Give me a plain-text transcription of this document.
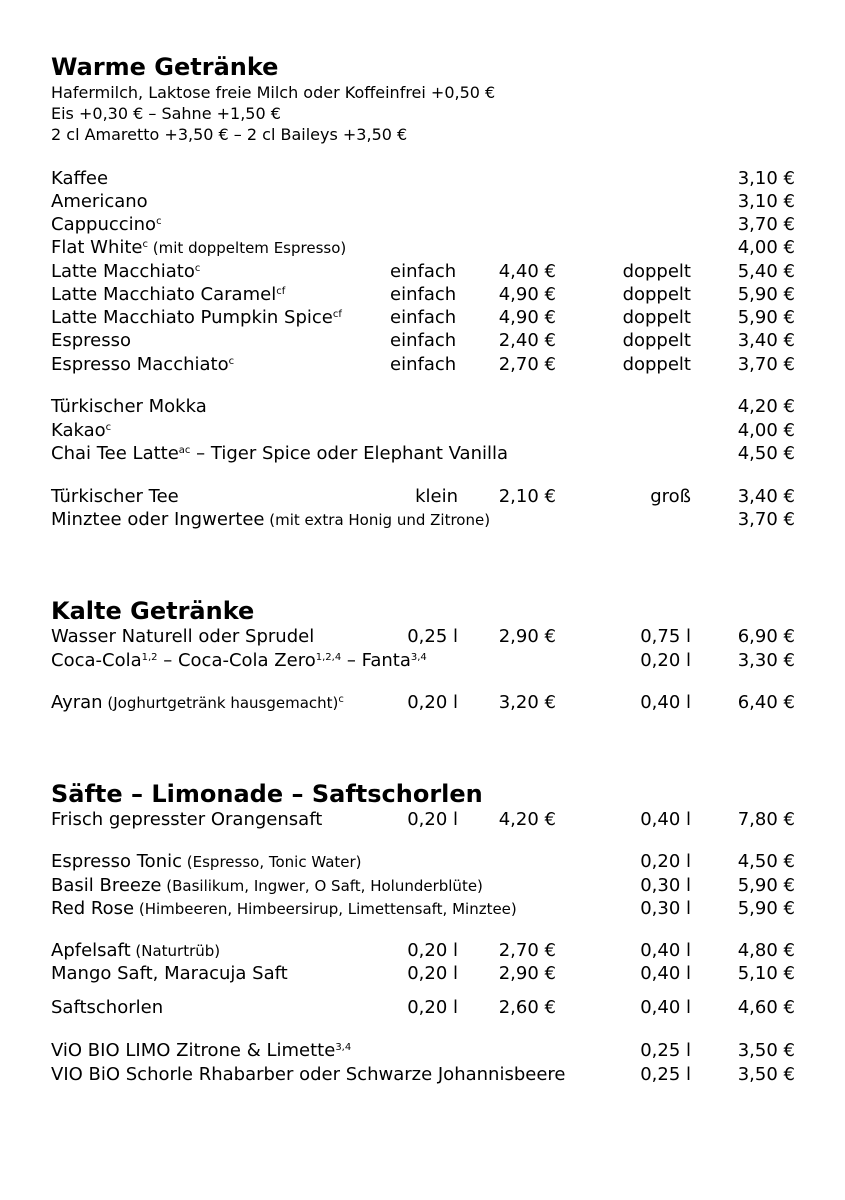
Warme Getränke
Hafermilch, Laktose freie Milch oder Koffeinfrei +0,50 €
Eis +0,30 € – Sahne +1,50 €
2 cl Amaretto +3,50 € – 2 cl Baileys +3,50 €
Kaffee	3,10 €
Americano	3,10 €
Cappuccino$^c$	3,70 €
Flat White$^c$ (mit doppeltem Espresso)	4,00 €
Latte Macchiato$^c$	einfach 4,40 €	doppelt	5,40 €
Latte Macchiato Caramel$^{cf}$	einfach 4,90 €	doppelt	5,90 €
Latte Macchiato Pumpkin Spice$^{cf}$	einfach 4,90 €	doppelt	5,90 €
Espresso	einfach 2,40 €	doppelt	3,40 €
Espresso Macchiato$^c$	einfach 2,70 €	doppelt	3,70 €
Türkischer Mokka	4,20 €
Kakao$^c$	4,00 €
Chai Tee Latte$^{ac}$ – Tiger Spice oder Elephant Vanilla	4,50 €
Türkischer Tee	klein 2,10 €	groß	3,40 €
Minztee oder Ingwertee (mit extra Honig und Zitrone)	3,70 €
Kalte Getränke
Wasser Naturell oder Sprudel	0,25 l 2,90 €	0,75 l	6,90 €
Coca-Cola$^{1,2}$ – Coca-Cola Zero$^{1,2,4}$ – Fanta$^{3,4}$	0,20 l	3,30 €
Ayran (Joghurtgetränk hausgemacht)$^c$	0,20 l 3,20 €	0,40 l	6,40 €
Säfte – Limonade – Saftschorlen
Frisch gepresster Orangensaft	0,20 l 4,20 €	0,40 l	7,80 €
Espresso Tonic (Espresso, Tonic Water)	0,20 l	4,50 €
Basil Breeze (Basilikum, Ingwer, O Saft, Holunderblüte)	0,30 l	5,90 €
Red Rose (Himbeeren, Himbeersirup, Limettensaft, Minztee)	0,30 l	5,90 €
Apfelsaft (Naturtrüb)	0,20 l 2,70 €	0,40 l	4,80 €
Mango Saft, Maracuja Saft	0,20 l 2,90 €	0,40 l	5,10 €
Saftschorlen	0,20 l 2,60 €	0,40 l	4,60 €
ViO BIO LIMO Zitrone & Limette$^{3,4}$	0,25 l	3,50 €
VIO BiO Schorle Rhabarber oder Schwarze Johannisbeere	0,25 l	3,50 €
